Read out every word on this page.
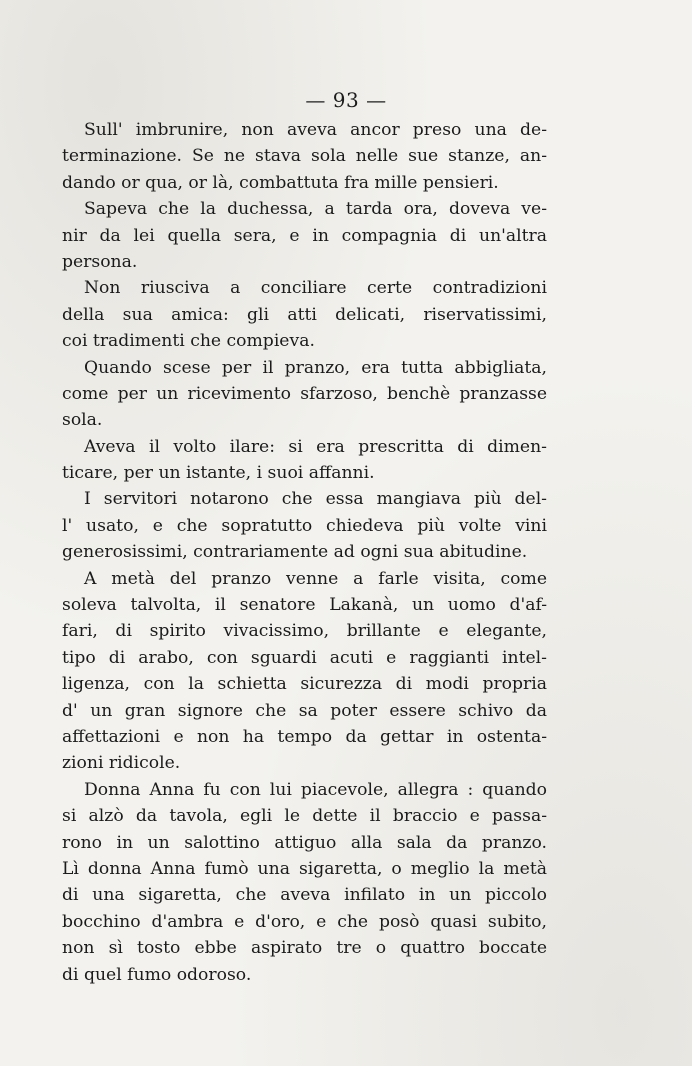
— 93 —
Sull' imbrunire, non aveva ancor preso una de-
terminazione. Se ne stava sola nelle sue stanze, an-
dando or qua, or là, combattuta fra mille pensieri.
Sapeva che la duchessa, a tarda ora, doveva ve-
nir da lei quella sera, e in compagnia di un'altra
persona.
Non riusciva a conciliare certe contradizioni
della sua amica: gli atti delicati, riservatissimi,
coi tradimenti che compieva.
Quando scese per il pranzo, era tutta abbigliata,
come per un ricevimento sfarzoso, benchè pranzasse
sola.
Aveva il volto ilare: si era prescritta di dimen-
ticare, per un istante, i suoi affanni.
I servitori notarono che essa mangiava più del-
l' usato, e che sopratutto chiedeva più volte vini
generosissimi, contrariamente ad ogni sua abitudine.
A metà del pranzo venne a farle visita, come
soleva talvolta, il senatore Lakanà, un uomo d'af-
fari, di spirito vivacissimo, brillante e elegante,
tipo di arabo, con sguardi acuti e raggianti intel-
ligenza, con la schietta sicurezza di modi propria
d' un gran signore che sa poter essere schivo da
affettazioni e non ha tempo da gettar in ostenta-
zioni ridicole.
Donna Anna fu con lui piacevole, allegra : quando
si alzò da tavola, egli le dette il braccio e passa-
rono in un salottino attiguo alla sala da pranzo.
Lì donna Anna fumò una sigaretta, o meglio la metà
di una sigaretta, che aveva infilato in un piccolo
bocchino d'ambra e d'oro, e che posò quasi subito,
non sì tosto ebbe aspirato tre o quattro boccate
di quel fumo odoroso.
